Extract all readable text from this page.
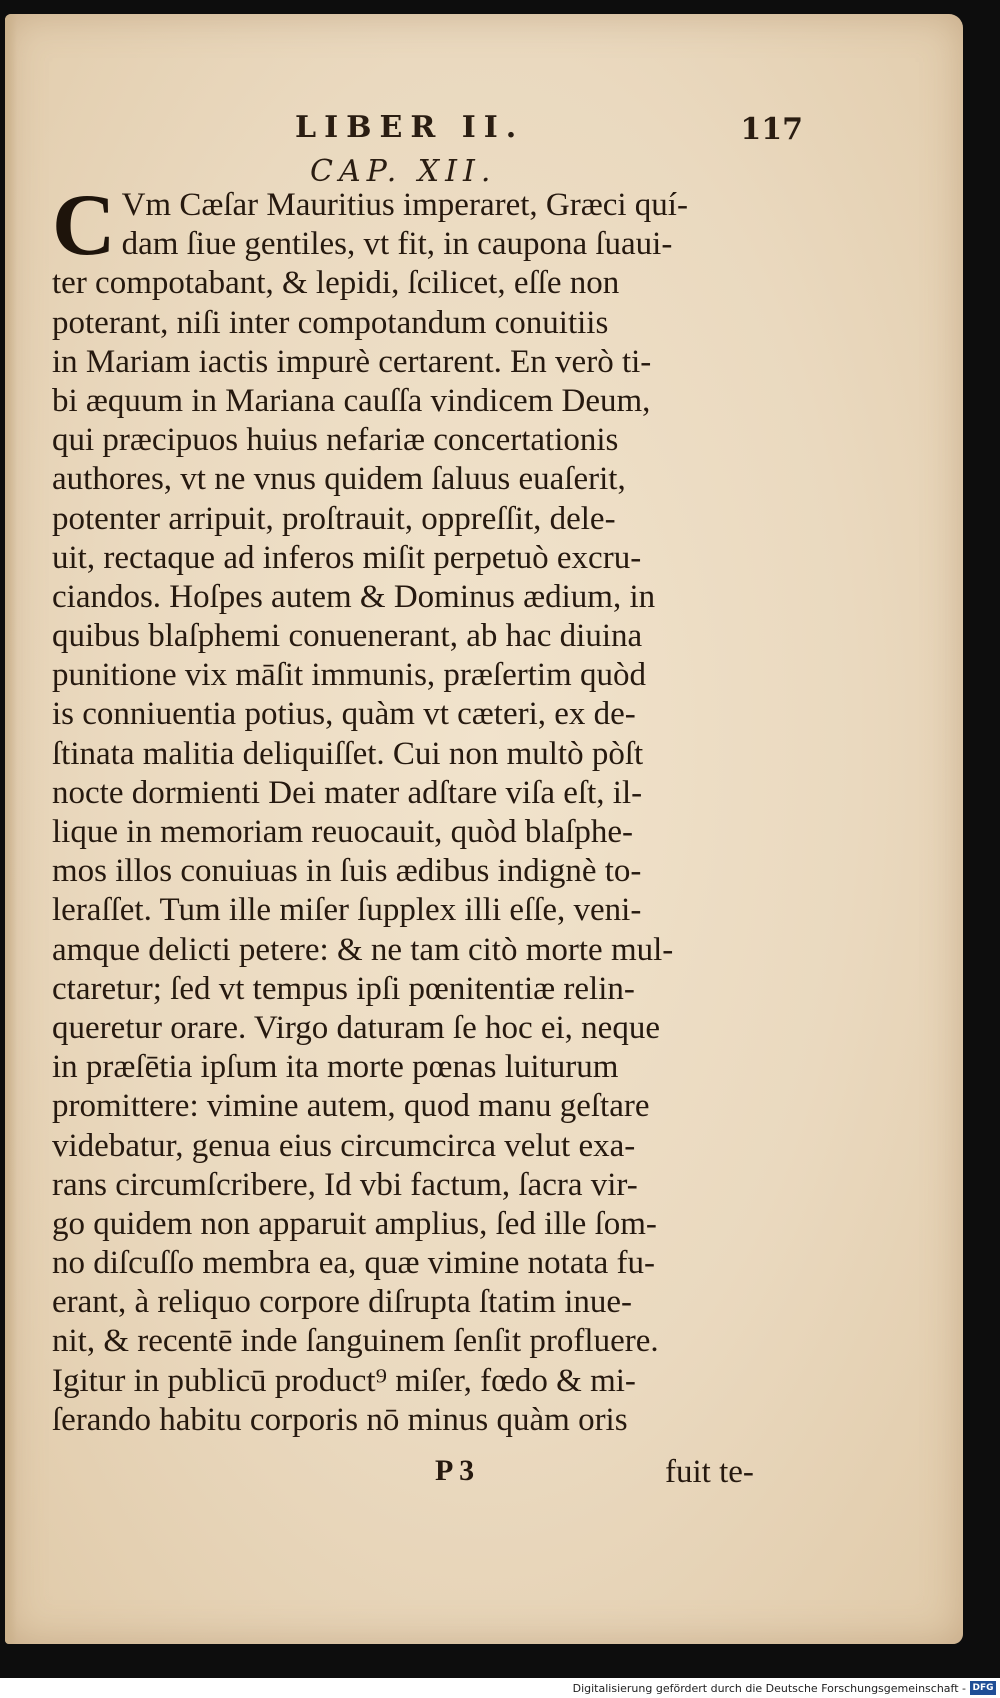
LIBER II.	117
CAP. XII.
C Vm Cæſar Mauritius imperaret, Græci quí-
dam ſiue gentiles, vt fit, in caupona ſuaui-
ter compotabant, & lepidi, ſcilicet, eſſe non
poterant, niſi inter compotandum conuitiis
in Mariam iactis impurè certarent. En verò ti-
bi æquum in Mariana cauſſa vindicem Deum,
qui præcipuos huius nefariæ concertationis
authores, vt ne vnus quidem ſaluus euaſerit,
potenter arripuit, proſtrauit, oppreſſit, dele-
uit, rectaque ad inferos miſit perpetuò excru-
ciandos. Hoſpes autem & Dominus ædium, in
quibus blaſphemi conuenerant, ab hac diuina
punitione vix māſit immunis, præſertim quòd
is conniuentia potius, quàm vt cæteri, ex de-
ſtinata malitia deliquiſſet. Cui non multò pòſt
nocte dormienti Dei mater adſtare viſa eſt, il-
lique in memoriam reuocauit, quòd blaſphe-
mos illos conuiuas in ſuis ædibus indignè to-
leraſſet. Tum ille miſer ſupplex illi eſſe, veni-
amque delicti petere: & ne tam citò morte mul-
ctaretur; ſed vt tempus ipſi pœnitentiæ relin-
queretur orare. Virgo daturam ſe hoc ei, neque
in præſētia ipſum ita morte pœnas luiturum
promittere: vimine autem, quod manu geſtare
videbatur, genua eius circumcirca velut exa-
rans circumſcribere, Id vbi factum, ſacra vir-
go quidem non apparuit amplius, ſed ille ſom-
no diſcuſſo membra ea, quæ vimine notata fu-
erant, à reliquo corpore diſrupta ſtatim inue-
nit, & recentē inde ſanguinem ſenſit profluere.
Igitur in publicū product⁹ miſer, fœdo & mi-
ſerando habitu corporis nō minus quàm oris
P 3	fuit te-
Digitalisierung gefördert durch die Deutsche Forschungsgemeinschaft - DFG
